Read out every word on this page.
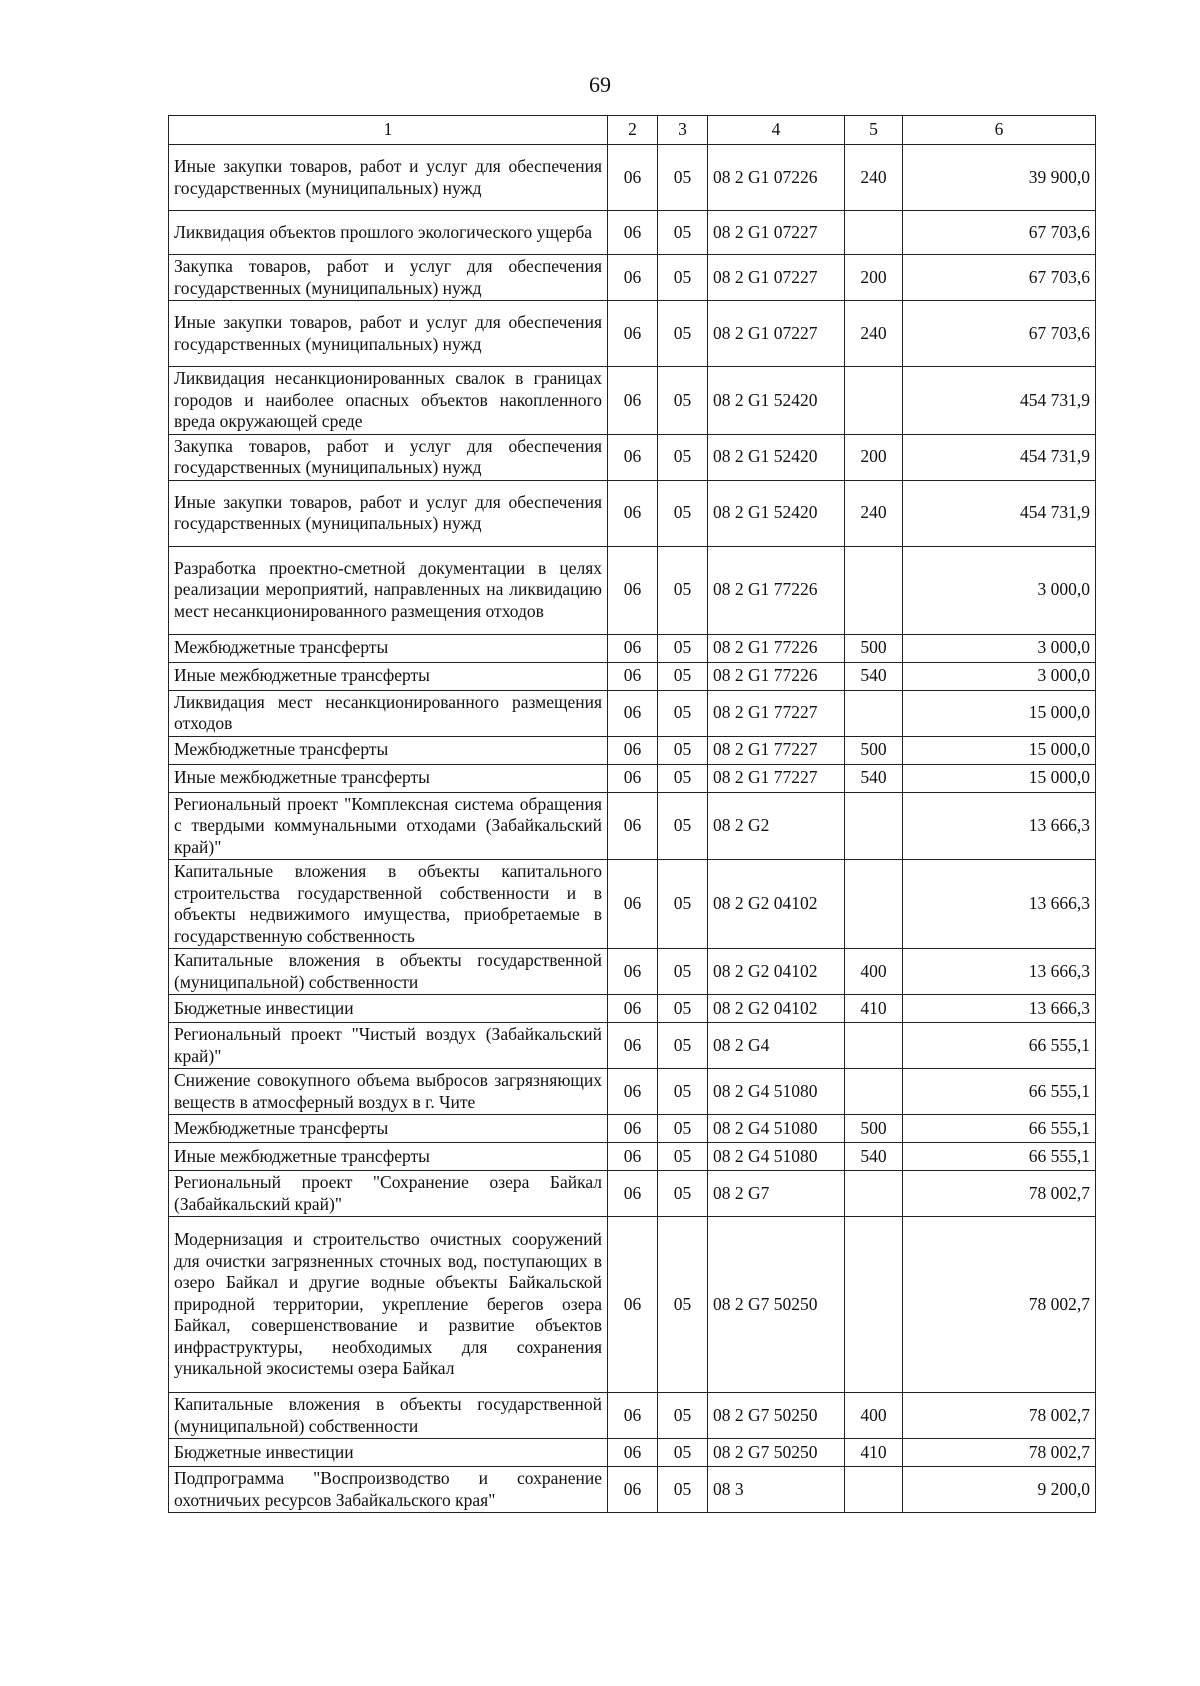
69
1	2	3	4	5	6
Иные закупки товаров, работ и услуг для обеспечения государственных (муниципальных) нужд	06	05	08 2 G1 07226	240	39 900,0
Ликвидация объектов прошлого экологического ущерба	06	05	08 2 G1 07227		67 703,6
Закупка товаров, работ и услуг для обеспечения государственных (муниципальных) нужд	06	05	08 2 G1 07227	200	67 703,6
Иные закупки товаров, работ и услуг для обеспечения государственных (муниципальных) нужд	06	05	08 2 G1 07227	240	67 703,6
Ликвидация несанкционированных свалок в границах городов и наиболее опасных объектов накопленного вреда окружающей среде	06	05	08 2 G1 52420		454 731,9
Закупка товаров, работ и услуг для обеспечения государственных (муниципальных) нужд	06	05	08 2 G1 52420	200	454 731,9
Иные закупки товаров, работ и услуг для обеспечения государственных (муниципальных) нужд	06	05	08 2 G1 52420	240	454 731,9
Разработка проектно-сметной документации в целях реализации мероприятий, направленных на ликвидацию мест несанкционированного размещения отходов	06	05	08 2 G1 77226		3 000,0
Межбюджетные трансферты	06	05	08 2 G1 77226	500	3 000,0
Иные межбюджетные трансферты	06	05	08 2 G1 77226	540	3 000,0
Ликвидация мест несанкционированного размещения отходов	06	05	08 2 G1 77227		15 000,0
Межбюджетные трансферты	06	05	08 2 G1 77227	500	15 000,0
Иные межбюджетные трансферты	06	05	08 2 G1 77227	540	15 000,0
Региональный проект "Комплексная система обращения с твердыми коммунальными отходами (Забайкальский край)"	06	05	08 2 G2		13 666,3
Капитальные вложения в объекты капитального строительства государственной собственности и в объекты недвижимого имущества, приобретаемые в государственную собственность	06	05	08 2 G2 04102		13 666,3
Капитальные вложения в объекты государственной (муниципальной) собственности	06	05	08 2 G2 04102	400	13 666,3
Бюджетные инвестиции	06	05	08 2 G2 04102	410	13 666,3
Региональный проект "Чистый воздух (Забайкальский край)"	06	05	08 2 G4		66 555,1
Снижение совокупного объема выбросов загрязняющих веществ в атмосферный воздух в г. Чите	06	05	08 2 G4 51080		66 555,1
Межбюджетные трансферты	06	05	08 2 G4 51080	500	66 555,1
Иные межбюджетные трансферты	06	05	08 2 G4 51080	540	66 555,1
Региональный проект "Сохранение озера Байкал (Забайкальский край)"	06	05	08 2 G7		78 002,7
Модернизация и строительство очистных сооружений для очистки загрязненных сточных вод, поступающих в озеро Байкал и другие водные объекты Байкальской природной территории, укрепление берегов озера Байкал, совершенствование и развитие объектов инфраструктуры, необходимых для сохранения уникальной экосистемы озера Байкал	06	05	08 2 G7 50250		78 002,7
Капитальные вложения в объекты государственной (муниципальной) собственности	06	05	08 2 G7 50250	400	78 002,7
Бюджетные инвестиции	06	05	08 2 G7 50250	410	78 002,7
Подпрограмма "Воспроизводство и сохранение охотничьих ресурсов Забайкальского края"	06	05	08 3		9 200,0
